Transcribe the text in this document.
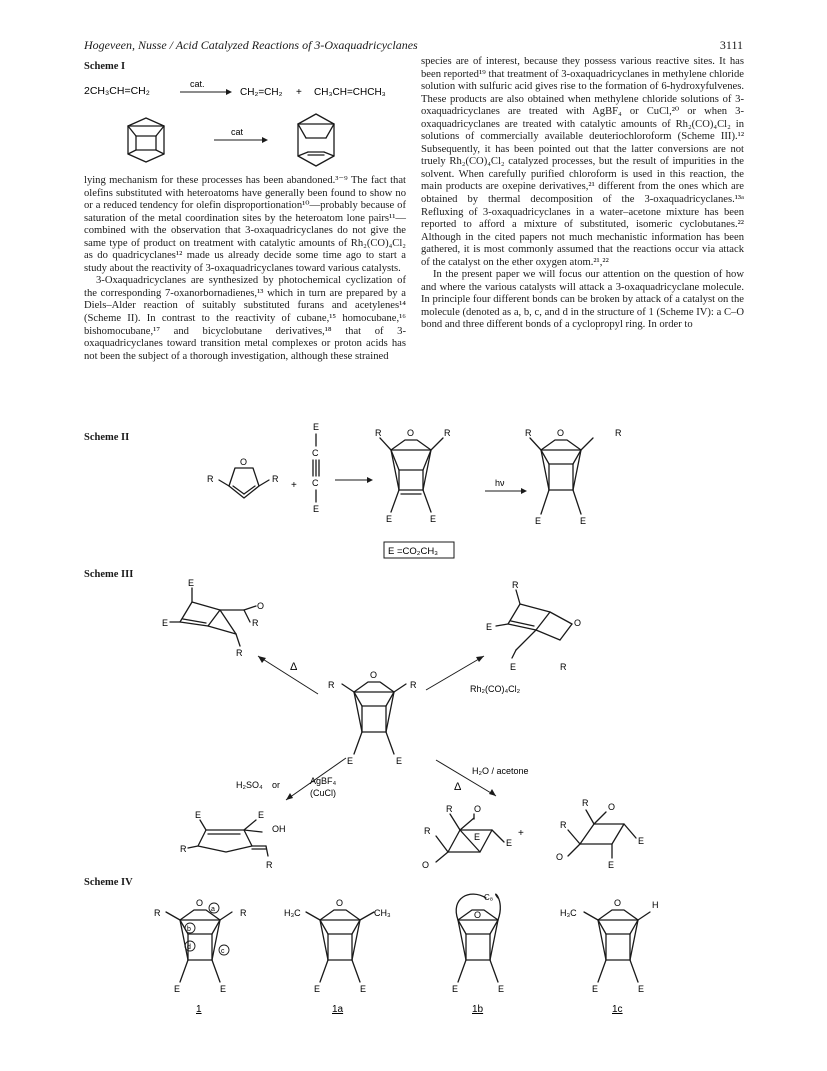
Hogeveen, Nusse / Acid Catalyzed Reactions of 3-Oxaquadricyclanes	3111
Scheme I
2CH₃CH=CH₂
cat.
CH₂=CH₂ + CH₃CH=CHCH₃
cat

lying mechanism for these processes has been abandoned.³⁻⁹ The fact that olefins substituted with heteroatoms have generally been found to show no or a reduced tendency for olefin disproportionation¹⁰—probably because of saturation of the metal coordination sites by the heteroatom lone pairs¹¹—combined with the observation that 3-oxaquadricyclanes do not give the same type of product on treatment with catalytic amounts of Rh₂(CO)₄Cl₂ as do quadricyclanes¹² made us already decide some time ago to start a study about the reactivity of 3-oxaquadricyclanes toward various catalysts.

3-Oxaquadricyclanes are synthesized by photochemical cyclization of the corresponding 7-oxanorbornadienes,¹³ which in turn are prepared by a Diels–Alder reaction of suitably substituted furans and acetylenes¹⁴ (Scheme II). In contrast to the reactivity of cubane,¹⁵ homocubane,¹⁶ bishomocubane,¹⁷ and bicyclobutane derivatives,¹⁸ that of 3-oxaquadricyclanes toward transition metal complexes or proton acids has not been the subject of a thorough investigation, although these strained

species are of interest, because they possess various reactive sites. It has been reported¹⁹ that treatment of 3-oxaquadricyclanes in methylene chloride solution with sulfuric acid gives rise to the formation of 6-hydroxyfulvenes. These products are also obtained when methylene chloride solutions of 3-oxaquadricyclanes are treated with AgBF₄ or CuCl,²⁰ or when 3-oxaquadricyclanes are treated with catalytic amounts of Rh₂(CO)₄Cl₂ in solutions of commercially available deuteriochloroform (Scheme III).¹² Subsequently, it has been pointed out that the latter conversions are not truely Rh₂(CO)₄Cl₂ catalyzed processes, but the result of impurities in the solvent. When carefully purified chloroform is used in this reaction, the main products are oxepine derivatives,²¹ different from the ones which are obtained by thermal decomposition of the 3-oxaquadricyclanes.¹³ᵃ Refluxing of 3-oxaquadricyclanes in a water–acetone mixture has been reported to afford a mixture of substituted, isomeric cyclobutanes.²² Although in the cited papers not much mechanistic information has been gathered, it is most commonly assumed that the reactions occur via attack of the catalyst on the ether oxygen atom.²¹,²²

In the present paper we will focus our attention on the question of how and where the various catalysts will attack a 3-oxaquadricyclane molecule. In principle four different bonds can be broken by attack of a catalyst on the molecule (denoted as a, b, c, and d in the structure of 1 (Scheme IV): a C–O bond and three different bonds of a cyclopropyl ring. In order to

Scheme II
O
R	R
+
E
C
C
E
O
R	R
E	E
hν
O
R	R
E	E
E =CO₂CH₃
Scheme III
E
E
O
R
R
Δ
O
R	R
E	E
Rh₂(CO)₄Cl₂
R
O
E
E	R
H₂SO₄ or	AgBF₄
(CuCl)
E	E
OH
R
R
H₂O / acetone
Δ
R O
R
O
E
E
+
R O
R
O
E
E
Scheme IV
O
a
b
d
c
R	R
E	E
1
O
H₃C	CH₃
E	E
1a
C₈
O
E	E
1b
O
H₃C
H
E	E
1c
